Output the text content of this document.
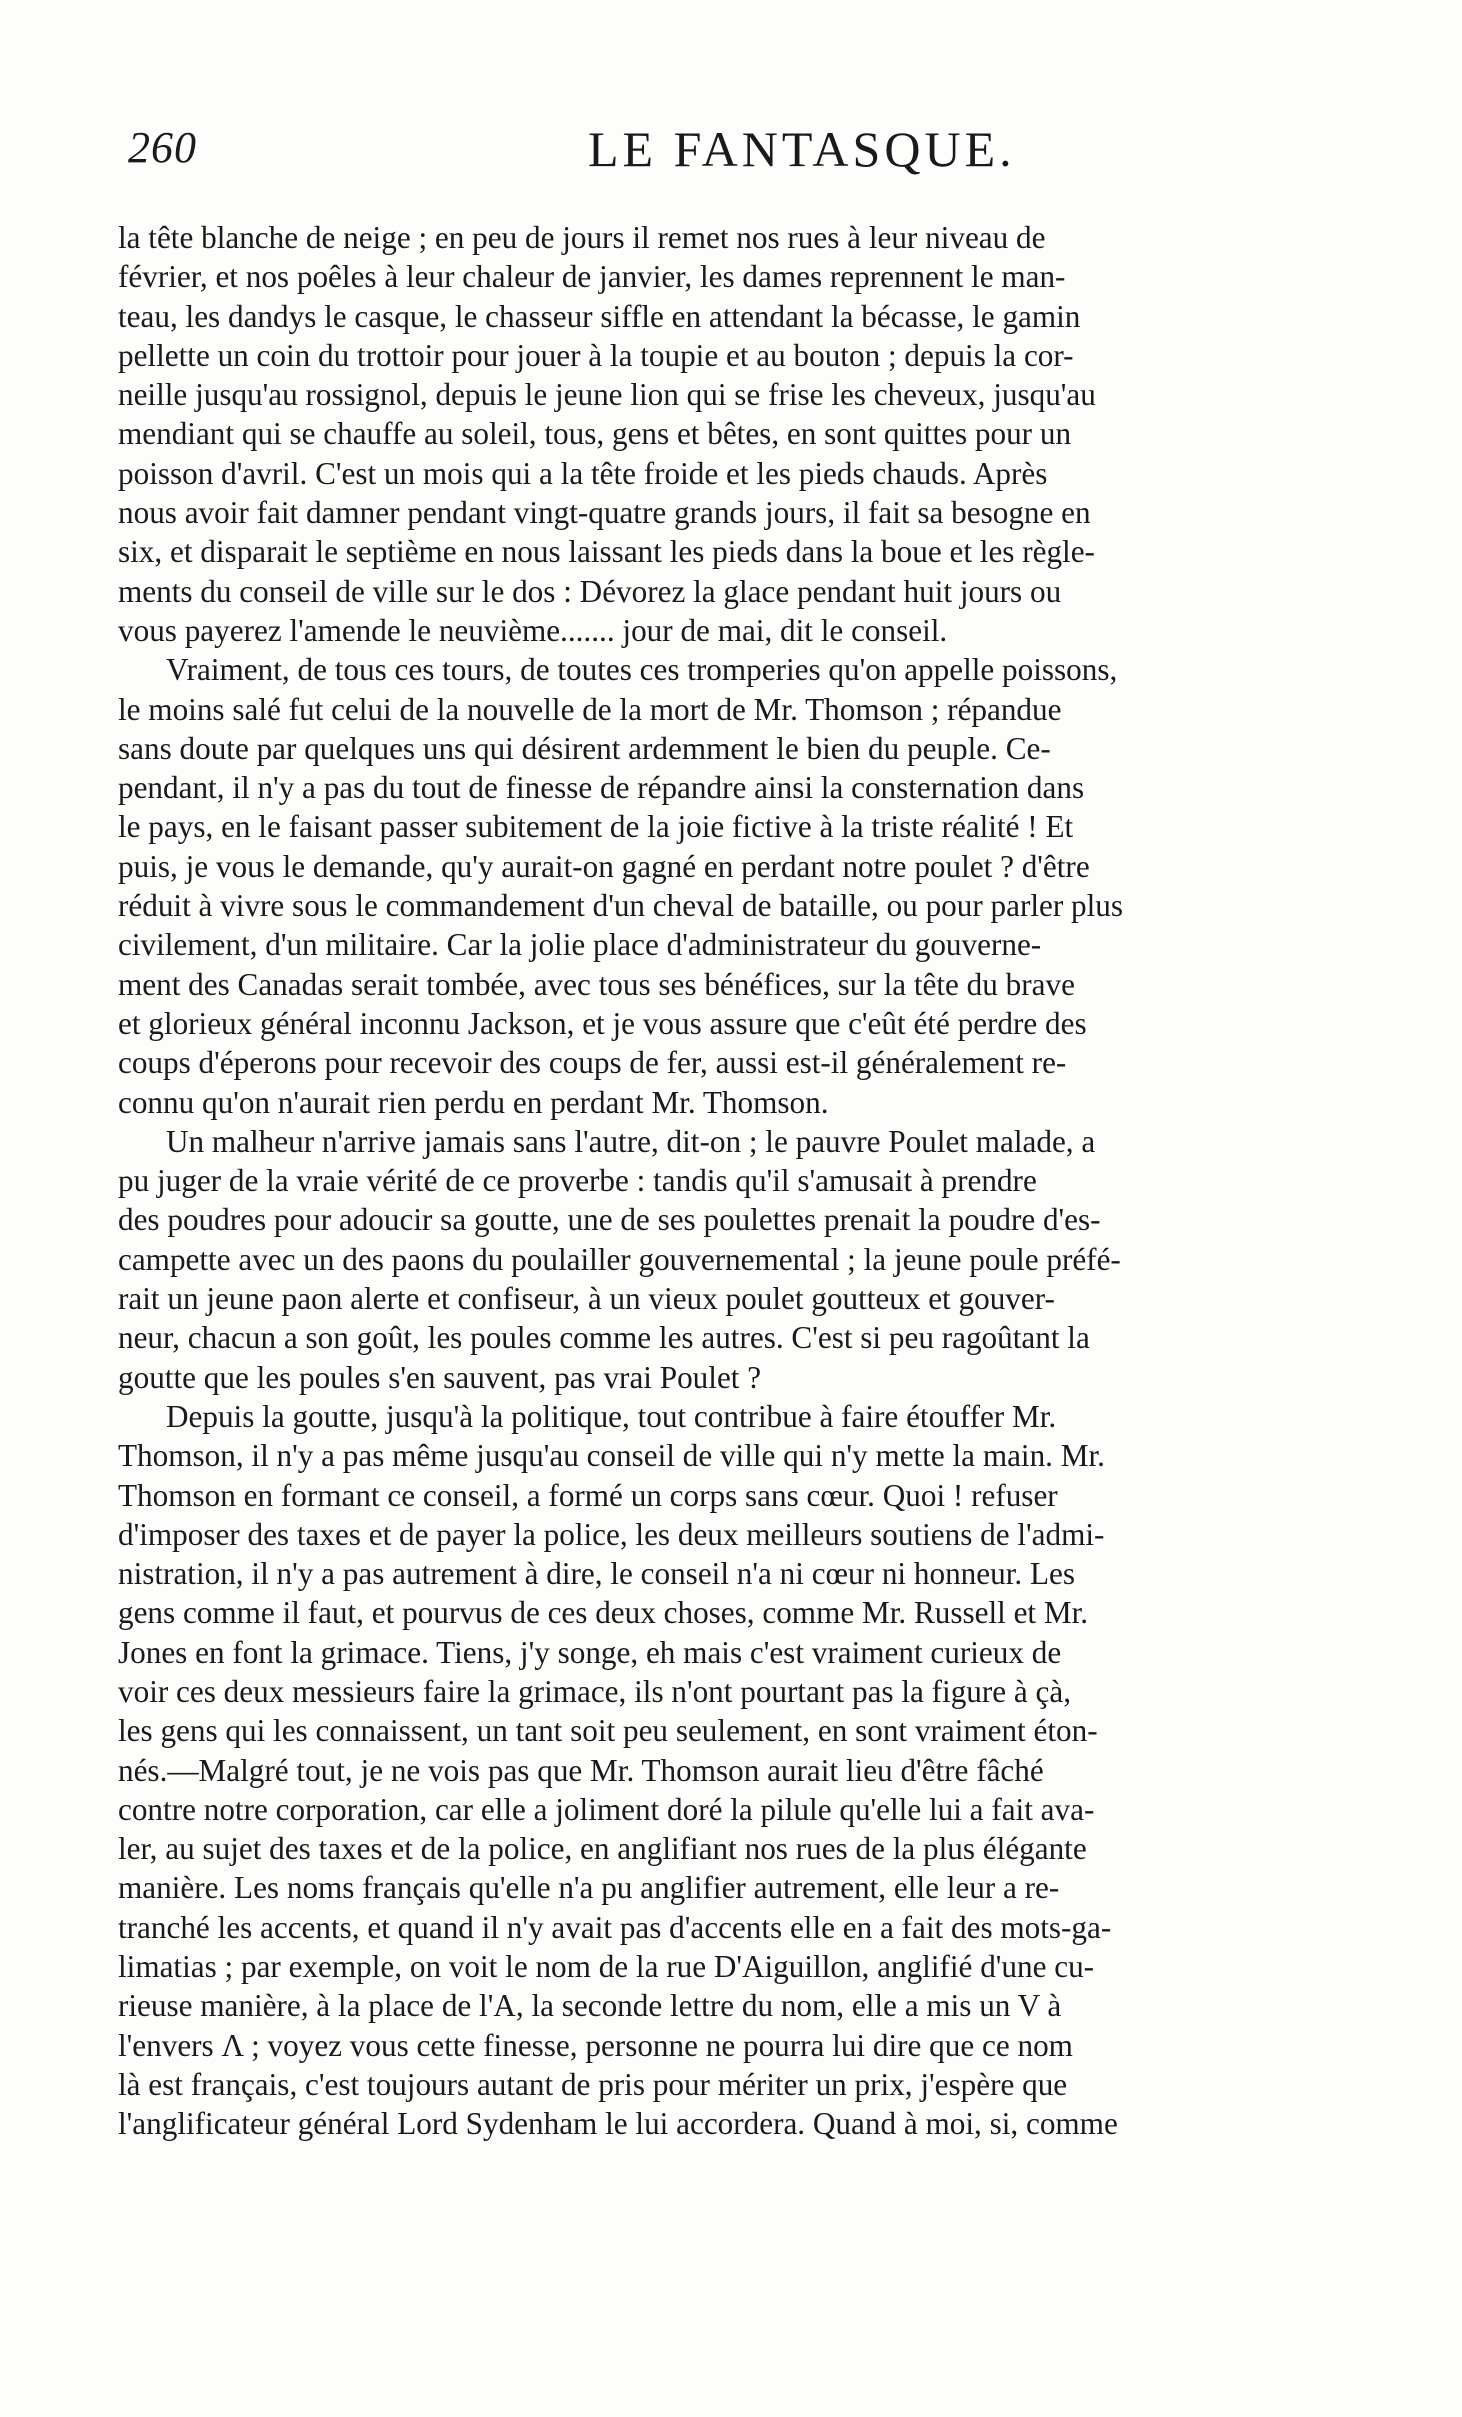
260	LE FANTASQUE.
la tête blanche de neige ; en peu de jours il remet nos rues à leur niveau de
février, et nos poêles à leur chaleur de janvier, les dames reprennent le man-
teau, les dandys le casque, le chasseur siffle en attendant la bécasse, le gamin
pellette un coin du trottoir pour jouer à la toupie et au bouton ; depuis la cor-
neille jusqu'au rossignol, depuis le jeune lion qui se frise les cheveux, jusqu'au
mendiant qui se chauffe au soleil, tous, gens et bêtes, en sont quittes pour un
poisson d'avril. C'est un mois qui a la tête froide et les pieds chauds. Après
nous avoir fait damner pendant vingt-quatre grands jours, il fait sa besogne en
six, et disparait le septième en nous laissant les pieds dans la boue et les règle-
ments du conseil de ville sur le dos : Dévorez la glace pendant huit jours ou
vous payerez l'amende le neuvième....... jour de mai, dit le conseil.
Vraiment, de tous ces tours, de toutes ces tromperies qu'on appelle poissons,
le moins salé fut celui de la nouvelle de la mort de Mr. Thomson ; répandue
sans doute par quelques uns qui désirent ardemment le bien du peuple. Ce-
pendant, il n'y a pas du tout de finesse de répandre ainsi la consternation dans
le pays, en le faisant passer subitement de la joie fictive à la triste réalité ! Et
puis, je vous le demande, qu'y aurait-on gagné en perdant notre poulet ? d'être
réduit à vivre sous le commandement d'un cheval de bataille, ou pour parler plus
civilement, d'un militaire. Car la jolie place d'administrateur du gouverne-
ment des Canadas serait tombée, avec tous ses bénéfices, sur la tête du brave
et glorieux général inconnu Jackson, et je vous assure que c'eût été perdre des
coups d'éperons pour recevoir des coups de fer, aussi est-il généralement re-
connu qu'on n'aurait rien perdu en perdant Mr. Thomson.
Un malheur n'arrive jamais sans l'autre, dit-on ; le pauvre Poulet malade, a
pu juger de la vraie vérité de ce proverbe : tandis qu'il s'amusait à prendre
des poudres pour adoucir sa goutte, une de ses poulettes prenait la poudre d'es-
campette avec un des paons du poulailler gouvernemental ; la jeune poule préfé-
rait un jeune paon alerte et confiseur, à un vieux poulet goutteux et gouver-
neur, chacun a son goût, les poules comme les autres. C'est si peu ragoûtant la
goutte que les poules s'en sauvent, pas vrai Poulet ?
Depuis la goutte, jusqu'à la politique, tout contribue à faire étouffer Mr.
Thomson, il n'y a pas même jusqu'au conseil de ville qui n'y mette la main. Mr.
Thomson en formant ce conseil, a formé un corps sans cœur. Quoi ! refuser
d'imposer des taxes et de payer la police, les deux meilleurs soutiens de l'admi-
nistration, il n'y a pas autrement à dire, le conseil n'a ni cœur ni honneur. Les
gens comme il faut, et pourvus de ces deux choses, comme Mr. Russell et Mr.
Jones en font la grimace. Tiens, j'y songe, eh mais c'est vraiment curieux de
voir ces deux messieurs faire la grimace, ils n'ont pourtant pas la figure à çà,
les gens qui les connaissent, un tant soit peu seulement, en sont vraiment éton-
nés.—Malgré tout, je ne vois pas que Mr. Thomson aurait lieu d'être fâché
contre notre corporation, car elle a joliment doré la pilule qu'elle lui a fait ava-
ler, au sujet des taxes et de la police, en anglifiant nos rues de la plus élégante
manière. Les noms français qu'elle n'a pu anglifier autrement, elle leur a re-
tranché les accents, et quand il n'y avait pas d'accents elle en a fait des mots-ga-
limatias ; par exemple, on voit le nom de la rue D'Aiguillon, anglifié d'une cu-
rieuse manière, à la place de l'A, la seconde lettre du nom, elle a mis un V à
l'envers Λ ; voyez vous cette finesse, personne ne pourra lui dire que ce nom
là est français, c'est toujours autant de pris pour mériter un prix, j'espère que
l'anglificateur général Lord Sydenham le lui accordera. Quand à moi, si, comme
